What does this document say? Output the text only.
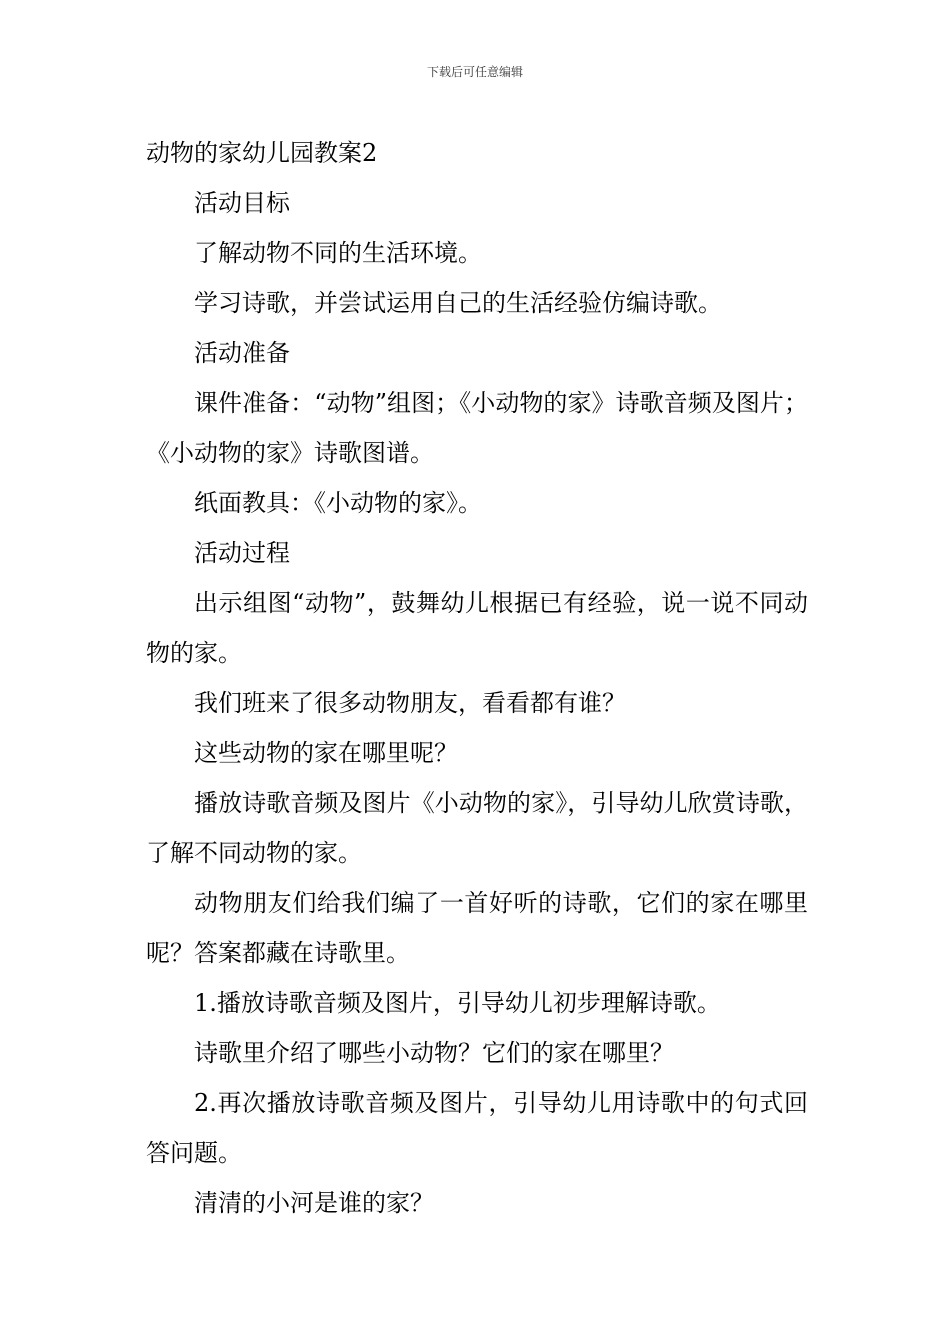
下载后可任意编辑

动物的家幼儿园教案2

活动目标

了解动物不同的生活环境。

学习诗歌，并尝试运用自己的生活经验仿编诗歌。

活动准备

课件准备：“动物”组图；《小动物的家》诗歌音频及图片；《小动物的家》诗歌图谱。

纸面教具：《小动物的家》。

活动过程

出示组图“动物”，鼓舞幼儿根据已有经验，说一说不同动物的家。

我们班来了很多动物朋友，看看都有谁？

这些动物的家在哪里呢？

播放诗歌音频及图片《小动物的家》，引导幼儿欣赏诗歌，了解不同动物的家。

动物朋友们给我们编了一首好听的诗歌，它们的家在哪里呢？答案都藏在诗歌里。

1.播放诗歌音频及图片，引导幼儿初步理解诗歌。

诗歌里介绍了哪些小动物？它们的家在哪里？

2.再次播放诗歌音频及图片，引导幼儿用诗歌中的句式回答问题。

清清的小河是谁的家？
